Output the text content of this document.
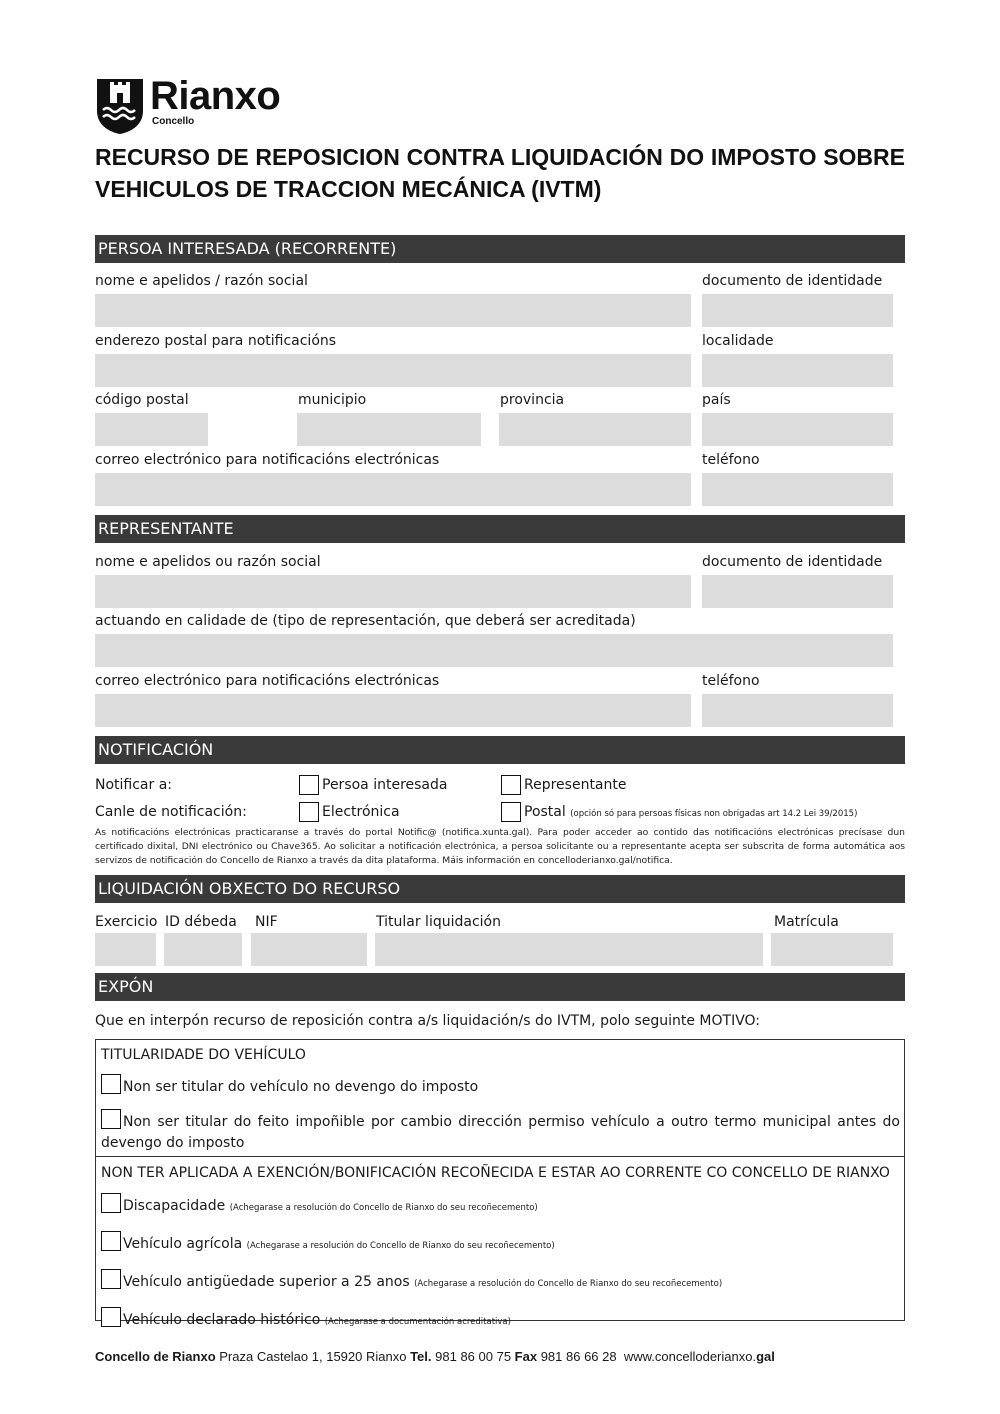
Rianxo
Concello
RECURSO DE REPOSICION CONTRA LIQUIDACIÓN DO IMPOSTO SOBRE VEHICULOS DE TRACCION MECÁNICA (IVTM)
PERSOA INTERESADA (RECORRENTE)
nome e apelidos / razón social	documento de identidade
enderezo postal para notificacións	localidade
código postal	municipio	provincia	país
correo electrónico para notificacións electrónicas	teléfono
REPRESENTANTE
nome e apelidos ou razón social	documento de identidade
actuando en calidade de (tipo de representación, que deberá ser acreditada)
correo electrónico para notificacións electrónicas	teléfono
NOTIFICACIÓN
Notificar a:	Persoa interesada	Representante
Canle de notificación:	Electrónica	Postal (opción só para persoas físicas non obrigadas art 14.2 Lei 39/2015)
As notificacións electrónicas practicaranse a través do portal Notific@ (notifica.xunta.gal). Para poder acceder ao contido das notificacións electrónicas precísase dun certificado dixital, DNI electrónico ou Chave365. Ao solicitar a notificación electrónica, a persoa solicitante ou a representante acepta ser subscrita de forma automática aos servizos de notificación do Concello de Rianxo a través da dita plataforma. Máis información en concelloderianxo.gal/notifica.
LIQUIDACIÓN OBXECTO DO RECURSO
Exercicio ID débeda NIF	Titular liquidación	Matrícula
EXPÓN
Que en interpón recurso de reposición contra a/s liquidación/s do IVTM, polo seguinte MOTIVO:
TITULARIDADE DO VEHÍCULO
Non ser titular do vehículo no devengo do imposto
Non ser titular do feito impoñible por cambio dirección permiso vehículo a outro termo municipal antes do devengo do imposto
NON TER APLICADA A EXENCIÓN/BONIFICACIÓN RECOÑECIDA E ESTAR AO CORRENTE CO CONCELLO DE RIANXO
Discapacidade (Achegarase a resolución do Concello de Rianxo do seu recoñecemento)
Vehículo agrícola (Achegarase a resolución do Concello de Rianxo do seu recoñecemento)
Vehículo antigüedade superior a 25 anos (Achegarase a resolución do Concello de Rianxo do seu recoñecemento)
Vehículo declarado histórico (Achegarase a documentación acreditativa)
Concello de Rianxo Praza Castelao 1, 15920 Rianxo Tel. 981 86 00 75 Fax 981 86 66 28 www.concelloderianxo.gal
